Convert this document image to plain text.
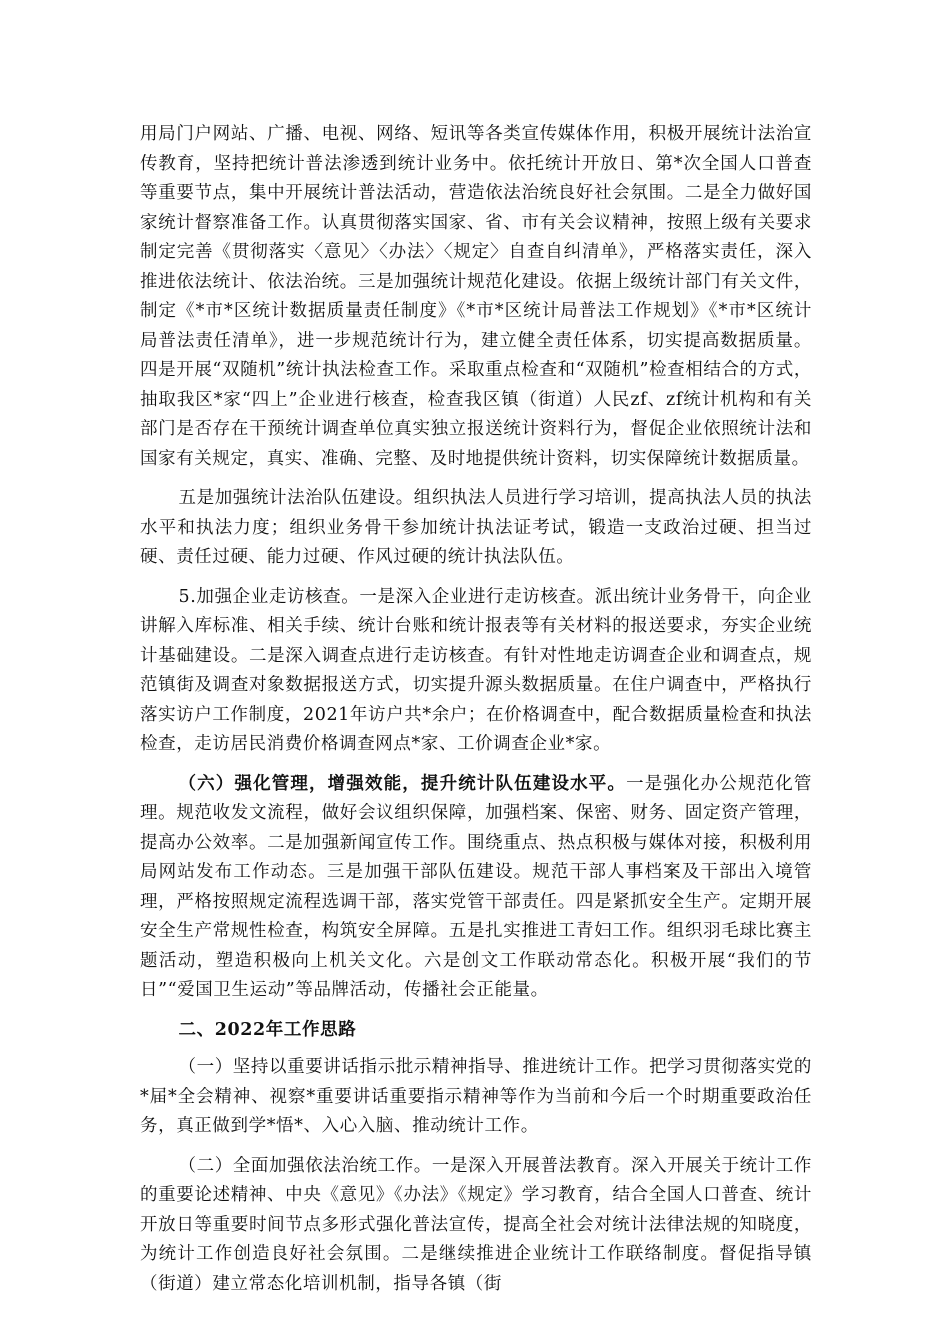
用局门户网站、广播、电视、网络、短讯等各类宣传媒体作用，积极开展统计法治宣传教育，坚持把统计普法渗透到统计业务中。依托统计开放日、第*次全国人口普查等重要节点，集中开展统计普法活动，营造依法治统良好社会氛围。二是全力做好国家统计督察准备工作。认真贯彻落实国家、省、市有关会议精神，按照上级有关要求制定完善《贯彻落实〈意见〉〈办法〉〈规定〉自查自纠清单》，严格落实责任，深入推进依法统计、依法治统。三是加强统计规范化建设。依据上级统计部门有关文件，制定《*市*区统计数据质量责任制度》《*市*区统计局普法工作规划》《*市*区统计局普法责任清单》，进一步规范统计行为，建立健全责任体系，切实提高数据质量。四是开展“双随机”统计执法检查工作。采取重点检查和“双随机”检查相结合的方式，抽取我区*家“四上”企业进行核查，检查我区镇（街道）人民zf、zf统计机构和有关部门是否存在干预统计调查单位真实独立报送统计资料行为，督促企业依照统计法和国家有关规定，真实、准确、完整、及时地提供统计资料，切实保障统计数据质量。

五是加强统计法治队伍建设。组织执法人员进行学习培训，提高执法人员的执法水平和执法力度；组织业务骨干参加统计执法证考试，锻造一支政治过硬、担当过硬、责任过硬、能力过硬、作风过硬的统计执法队伍。

5.加强企业走访核查。一是深入企业进行走访核查。派出统计业务骨干，向企业讲解入库标准、相关手续、统计台账和统计报表等有关材料的报送要求，夯实企业统计基础建设。二是深入调查点进行走访核查。有针对性地走访调查企业和调查点，规范镇街及调查对象数据报送方式，切实提升源头数据质量。在住户调查中，严格执行落实访户工作制度，2021年访户共*余户；在价格调查中，配合数据质量检查和执法检查，走访居民消费价格调查网点*家、工价调查企业*家。

（六）强化管理，增强效能，提升统计队伍建设水平。一是强化办公规范化管理。规范收发文流程，做好会议组织保障，加强档案、保密、财务、固定资产管理，提高办公效率。二是加强新闻宣传工作。围绕重点、热点积极与媒体对接，积极利用局网站发布工作动态。三是加强干部队伍建设。规范干部人事档案及干部出入境管理，严格按照规定流程选调干部，落实党管干部责任。四是紧抓安全生产。定期开展安全生产常规性检查，构筑安全屏障。五是扎实推进工青妇工作。组织羽毛球比赛主题活动，塑造积极向上机关文化。六是创文工作联动常态化。积极开展“我们的节日”“爱国卫生运动”等品牌活动，传播社会正能量。

二、2022年工作思路

（一）坚持以重要讲话指示批示精神指导、推进统计工作。把学习贯彻落实党的*届*全会精神、视察*重要讲话重要指示精神等作为当前和今后一个时期重要政治任务，真正做到学*悟*、入心入脑、推动统计工作。

（二）全面加强依法治统工作。一是深入开展普法教育。深入开展关于统计工作的重要论述精神、中央《意见》《办法》《规定》学习教育，结合全国人口普查、统计开放日等重要时间节点多形式强化普法宣传，提高全社会对统计法律法规的知晓度，为统计工作创造良好社会氛围。二是继续推进企业统计工作联络制度。督促指导镇（街道）建立常态化培训机制，指导各镇（街
